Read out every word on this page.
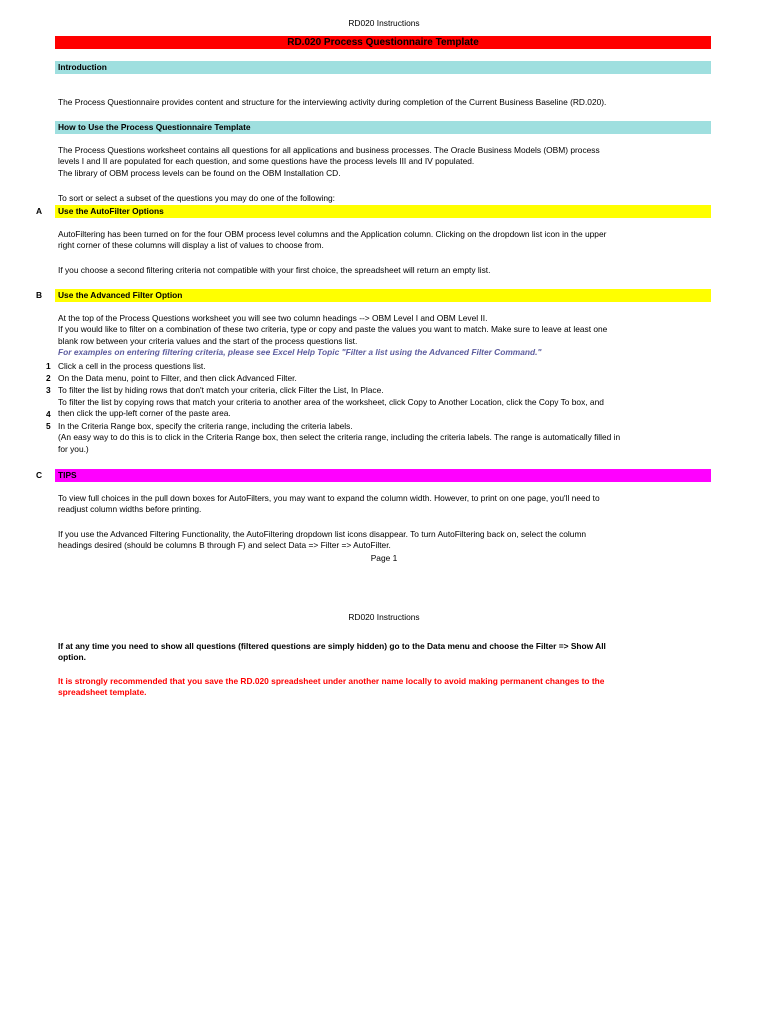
RD020 Instructions
RD.020 Process Questionnaire Template
Introduction
The Process Questionnaire provides content and structure for the interviewing activity during completion of the Current Business Baseline (RD.020).
How to Use the Process Questionnaire Template
The Process Questions worksheet contains all questions for all applications and business processes. The Oracle Business Models (OBM) process
levels I and II are populated for each question, and some questions have the process levels III and IV populated.
The library of OBM process levels can be found on the OBM Installation CD.
To sort or select a subset of the questions you may do one of the following:
A Use the AutoFilter Options
AutoFiltering has been turned on for the four OBM process level columns and the Application column. Clicking on the dropdown list icon in the upper
right corner of these columns will display a list of values to choose from.
If you choose a second filtering criteria not compatible with your first choice, the spreadsheet will return an empty list.
B Use the Advanced Filter Option
At the top of the Process Questions worksheet you will see two column headings --> OBM Level I and OBM Level II.
If you would like to filter on a combination of these two criteria, type or copy and paste the values you want to match. Make sure to leave at least one
blank row between your criteria values and the start of the process questions list.
For examples on entering filtering criteria, please see Excel Help Topic "Filter a list using the Advanced Filter Command."
1 Click a cell in the process questions list.
2 On the Data menu, point to Filter, and then click Advanced Filter.
3 To filter the list by hiding rows that don't match your criteria, click Filter the List, In Place.
4
To filter the list by copying rows that match your criteria to another area of the worksheet, click Copy to Another Location, click the Copy To box, and
then click the upp-left corner of the paste area.
5 In the Criteria Range box, specify the criteria range, including the criteria labels.
(An easy way to do this is to click in the Criteria Range box, then select the criteria range, including the criteria labels. The range is automatically filled in
for you.)
C TIPS
To view full choices in the pull down boxes for AutoFilters, you may want to expand the column width. However, to print on one page, you'll need to
readjust column widths before printing.
If you use the Advanced Filtering Functionality, the AutoFiltering dropdown list icons disappear. To turn AutoFiltering back on, select the column
headings desired (should be columns B through F) and select Data => Filter => AutoFilter.
Page 1
RD020 Instructions
If at any time you need to show all questions (filtered questions are simply hidden) go to the Data menu and choose the Filter => Show All
option.
It is strongly recommended that you save the RD.020 spreadsheet under another name locally to avoid making permanent changes to the
spreadsheet template.
